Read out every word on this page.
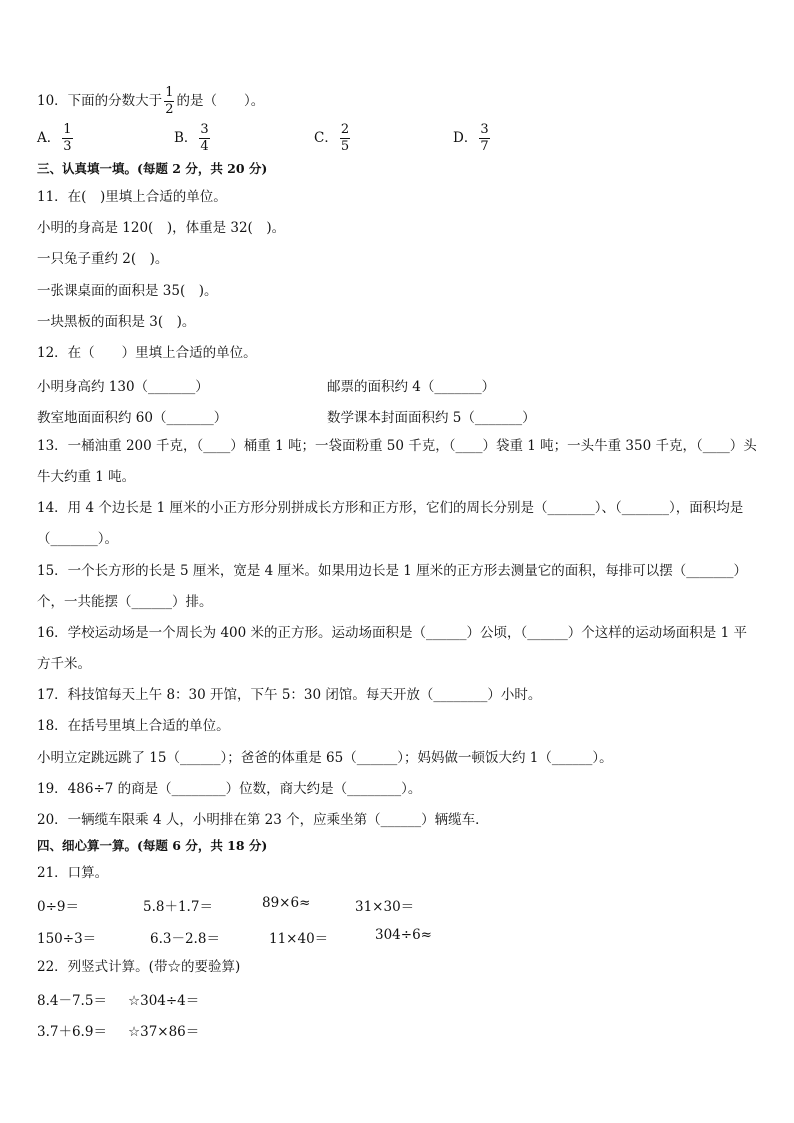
10．下面的分数大于 $\frac{1}{2}$ 的是（　　）。
A． $\frac{1}{3}$	B． $\frac{3}{4}$	C． $\frac{2}{5}$	D． $\frac{3}{7}$
三、认真填一填。(每题 2 分，共 20 分)
11．在(　)里填上合适的单位。
小明的身高是 120(　)，体重是 32(　)。
一只兔子重约 2(　)。
一张课桌面的面积是 35(　)。
一块黑板的面积是 3(　)。
12．在（　　）里填上合适的单位。
小明身高约 130（_______）	邮票的面积约 4（_______）
教室地面面积约 60（_______）	数学课本封面面积约 5（_______）
13．一桶油重 200 千克，（____）桶重 1 吨；一袋面粉重 50 千克，（____）袋重 1 吨；一头牛重 350 千克，（____）头
牛大约重 1 吨。
14．用 4 个边长是 1 厘米的小正方形分别拼成长方形和正方形，它们的周长分别是（_______）、（_______），面积均是
（_______）。
15．一个长方形的长是 5 厘米，宽是 4 厘米。如果用边长是 1 厘米的正方形去测量它的面积，每排可以摆（_______）
个，一共能摆（______）排。
16．学校运动场是一个周长为 400 米的正方形。运动场面积是（______）公顷，（______）个这样的运动场面积是 1 平
方千米。
17．科技馆每天上午 8：30 开馆，下午 5：30 闭馆。每天开放（________）小时。
18．在括号里填上合适的单位。
小明立定跳远跳了 15（______）；爸爸的体重是 65（______）；妈妈做一顿饭大约 1（______）。
19．486÷7 的商是（________）位数，商大约是（________）。
20．一辆缆车限乘 4 人，小明排在第 23 个，应乘坐第（______）辆缆车．
四、细心算一算。(每题 6 分，共 18 分)
21．口算。
0÷9＝	5.8＋1.7＝	89×6≈	31×30＝
150÷3＝	6.3－2.8＝	11×40＝	304÷6≈
22．列竖式计算。(带☆的要验算)
8.4－7.5＝ ☆304÷4＝
3.7＋6.9＝ ☆37×86＝
